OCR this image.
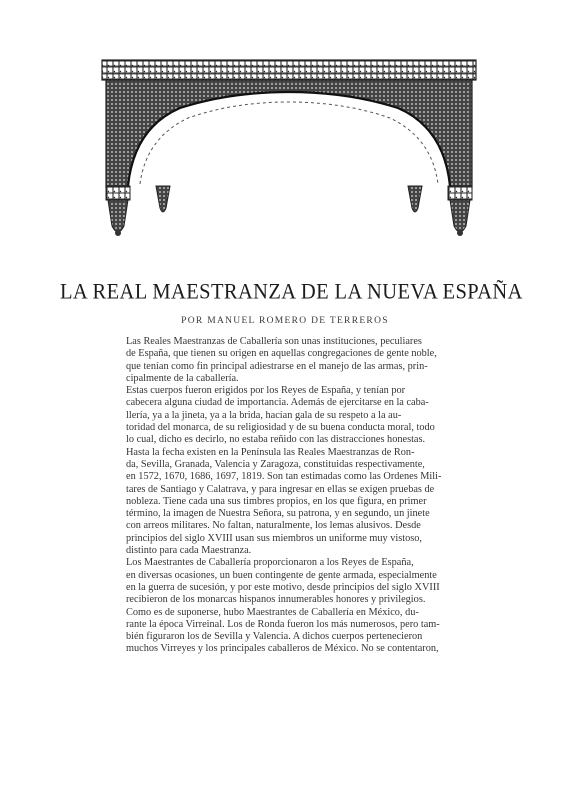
LA REAL MAESTRANZA DE LA NUEVA ESPAÑA
POR MANUEL ROMERO DE TERREROS

Las Reales Maestranzas de Caballería son unas instituciones, peculiares
de España, que tienen su origen en aquellas congregaciones de gente noble,
que tenían como fin principal adiestrarse en el manejo de las armas, prin-
cipalmente de la caballería.

Estas cuerpos fueron erigidos por los Reyes de España, y tenían por
cabecera alguna ciudad de importancia. Además de ejercitarse en la caba-
llería, ya a la jineta, ya a la brida, hacían gala de su respeto a la au-
toridad del monarca, de su religiosidad y de su buena conducta moral, todo
lo cual, dicho es decirlo, no estaba reñido con las distracciones honestas.

Hasta la fecha existen en la Península las Reales Maestranzas de Ron-
da, Sevilla, Granada, Valencia y Zaragoza, constituidas respectivamente,
en 1572, 1670, 1686, 1697, 1819. Son tan estimadas como las Ordenes Mili-
tares de Santiago y Calatrava, y para ingresar en ellas se exigen pruebas de
nobleza. Tiene cada una sus timbres propios, en los que figura, en primer
término, la imagen de Nuestra Señora, su patrona, y en segundo, un jinete
con arreos militares. No faltan, naturalmente, los lemas alusivos. Desde
principios del siglo XVIII usan sus miembros un uniforme muy vistoso,
distinto para cada Maestranza.

Los Maestrantes de Caballería proporcionaron a los Reyes de España,
en diversas ocasiones, un buen contingente de gente armada, especialmente
en la guerra de sucesión, y por este motivo, desde principios del siglo XVIII
recibieron de los monarcas hispanos innumerables honores y privilegios.

Como es de suponerse, hubo Maestrantes de Caballería en México, du-
rante la época Virreinal. Los de Ronda fueron los más numerosos, pero tam-
bién figuraron los de Sevilla y Valencia. A dichos cuerpos pertenecieron
muchos Virreyes y los principales caballeros de México. No se contentaron,
